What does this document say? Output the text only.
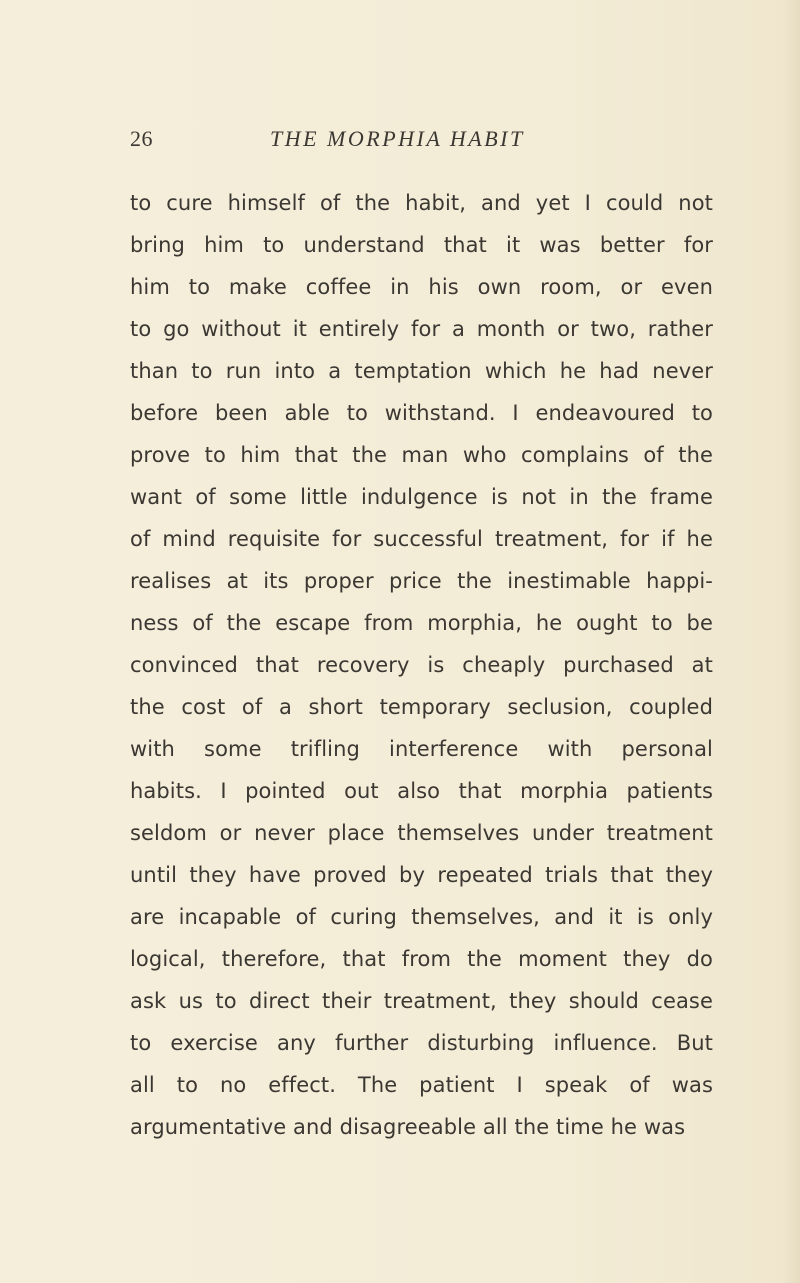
26	THE MORPHIA HABIT
to cure himself of the habit, and yet I could not
bring him to understand that it was better for
him to make coffee in his own room, or even
to go without it entirely for a month or two, rather
than to run into a temptation which he had never
before been able to withstand. I endeavoured to
prove to him that the man who complains of the
want of some little indulgence is not in the frame
of mind requisite for successful treatment, for if he
realises at its proper price the inestimable happi-
ness of the escape from morphia, he ought to be
convinced that recovery is cheaply purchased at
the cost of a short temporary seclusion, coupled
with some trifling interference with personal
habits. I pointed out also that morphia patients
seldom or never place themselves under treatment
until they have proved by repeated trials that they
are incapable of curing themselves, and it is only
logical, therefore, that from the moment they do
ask us to direct their treatment, they should cease
to exercise any further disturbing influence. But
all to no effect. The patient I speak of was
argumentative and disagreeable all the time he was
